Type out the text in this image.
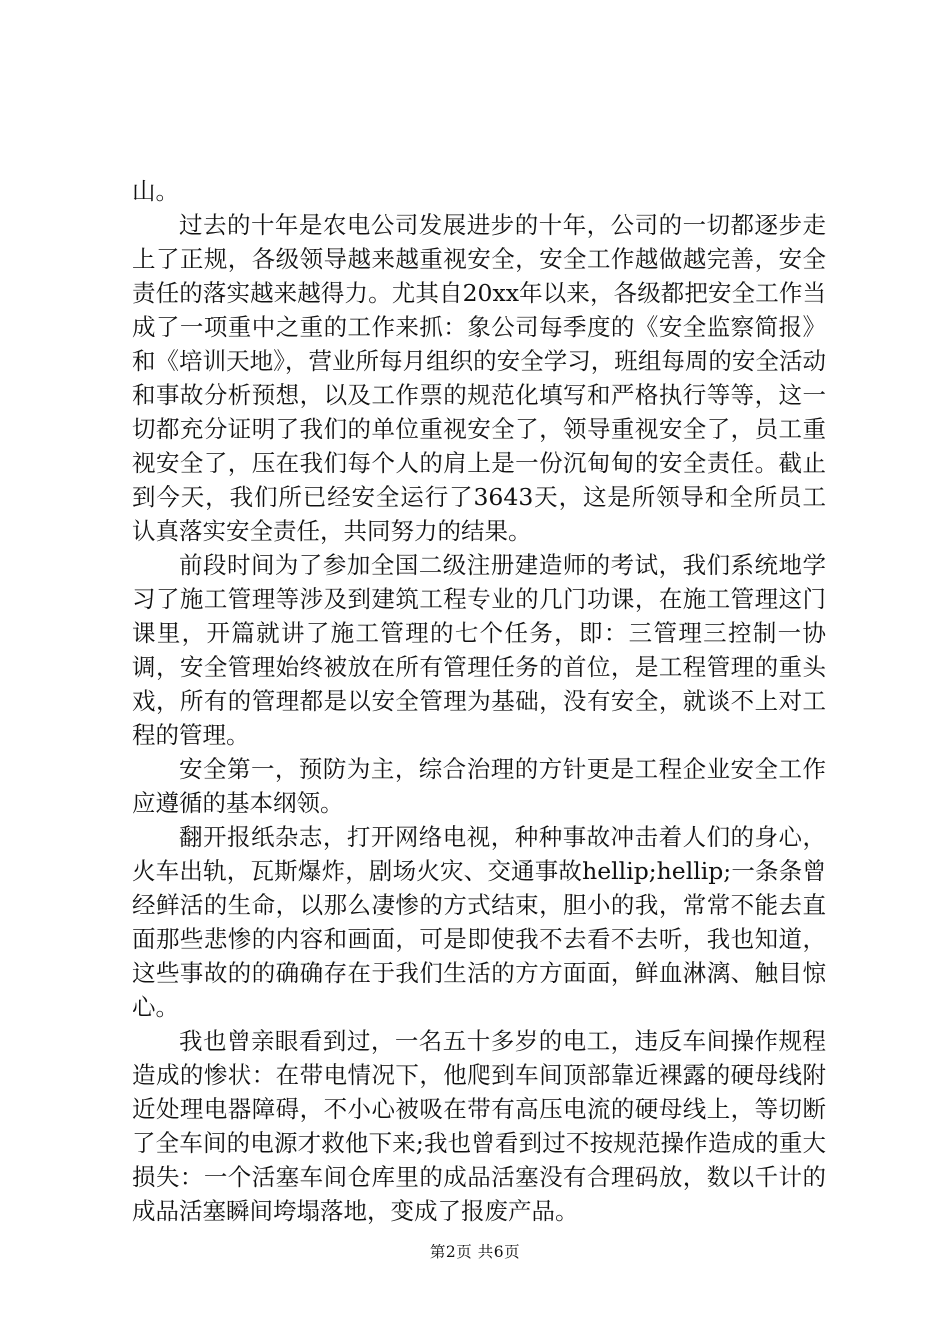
山。

过去的十年是农电公司发展进步的十年，公司的一切都逐步走上了正规，各级领导越来越重视安全，安全工作越做越完善，安全责任的落实越来越得力。尤其自20xx年以来，各级都把安全工作当成了一项重中之重的工作来抓：象公司每季度的《安全监察简报》和《培训天地》，营业所每月组织的安全学习，班组每周的安全活动和事故分析预想，以及工作票的规范化填写和严格执行等等，这一切都充分证明了我们的单位重视安全了，领导重视安全了，员工重视安全了，压在我们每个人的肩上是一份沉甸甸的安全责任。截止到今天，我们所已经安全运行了3643天，这是所领导和全所员工认真落实安全责任，共同努力的结果。

前段时间为了参加全国二级注册建造师的考试，我们系统地学习了施工管理等涉及到建筑工程专业的几门功课，在施工管理这门课里，开篇就讲了施工管理的七个任务，即：三管理三控制一协调，安全管理始终被放在所有管理任务的首位，是工程管理的重头戏，所有的管理都是以安全管理为基础，没有安全，就谈不上对工程的管理。

安全第一，预防为主，综合治理的方针更是工程企业安全工作应遵循的基本纲领。

翻开报纸杂志，打开网络电视，种种事故冲击着人们的身心，火车出轨，瓦斯爆炸，剧场火灾、交通事故hellip;hellip;一条条曾经鲜活的生命，以那么凄惨的方式结束，胆小的我，常常不能去直面那些悲惨的内容和画面，可是即使我不去看不去听，我也知道，这些事故的的确确存在于我们生活的方方面面，鲜血淋漓、触目惊心。

我也曾亲眼看到过，一名五十多岁的电工，违反车间操作规程造成的惨状：在带电情况下，他爬到车间顶部靠近裸露的硬母线附近处理电器障碍，不小心被吸在带有高压电流的硬母线上，等切断了全车间的电源才救他下来;我也曾看到过不按规范操作造成的重大损失：一个活塞车间仓库里的成品活塞没有合理码放，数以千计的成品活塞瞬间垮塌落地，变成了报废产品。

第2页 共6页
